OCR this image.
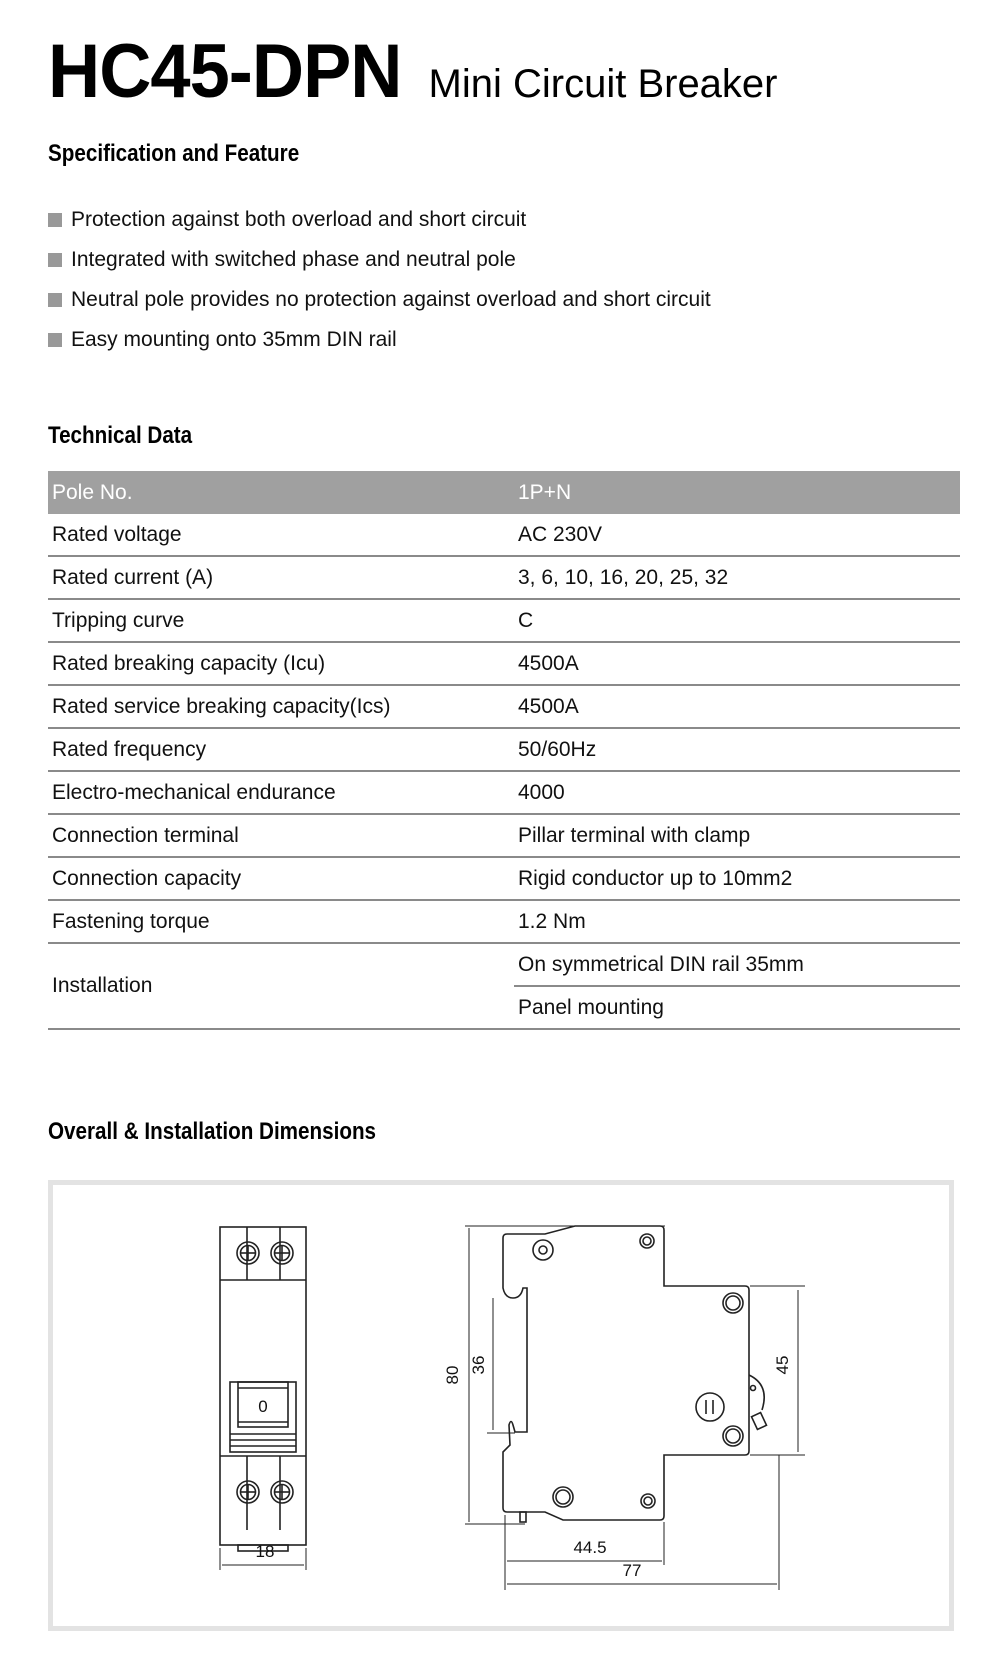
HC45-DPN Mini Circuit Breaker
Specification and Feature
Protection against both overload and short circuit
Integrated with switched phase and neutral pole
Neutral pole provides no protection against overload and short circuit
Easy mounting onto 35mm DIN rail
Technical Data
Pole No.	1P+N
Rated voltage	AC 230V
Rated current (A)	3, 6, 10, 16, 20, 25, 32
Tripping curve	C
Rated breaking capacity (Icu)	4500A
Rated service breaking capacity(Ics)	4500A
Rated frequency	50/60Hz
Electro-mechanical endurance	4000
Connection terminal	Pillar terminal with clamp
Connection capacity	Rigid conductor up to 10mm2
Fastening torque	1.2 Nm
Installation	On symmetrical DIN rail 35mm
	Panel mounting
Overall & Installation Dimensions
0
18
80
36	45
44.5
77
